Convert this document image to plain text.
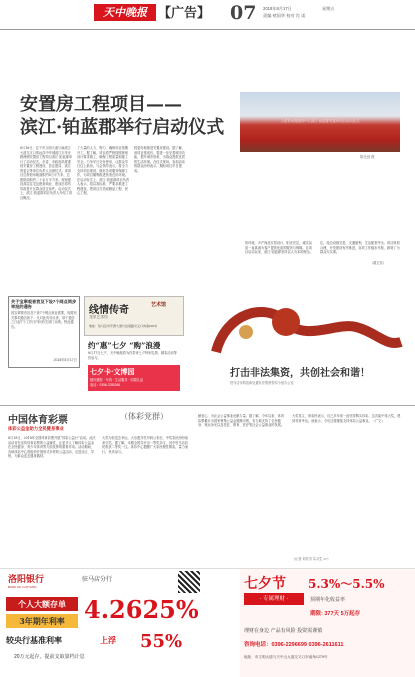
天中晚报 【广告】	07	2018年8月17日	星期五
责编 褚国华 校对 肖 诺
安置房工程项目——
滨江·铂蓝郡举行启动仪式	上蔡县家庭服务中心滨江·铂蓝郡安置房项目启动仪式
陈光庭 摄
8月16日，位于市文明大道与南滨江大道交叉口的远洋中华城滨江丰华北路两侧安置房工程项目滨江·铂蓝郡举行了启动仪式。市委、市政府高度重视安置房工程建设，县住建局、滨江管委会等单位负责人出席仪式。该项目总规划用地面积约8万平方米，总建筑面积约二十余万平方米，规划建设高层住宅及配套商业，建成后将有效改善片区群众居住条件。启动仪式上，滨江·铂蓝郡项目负责人介绍了项目概况。
了大量的人力、物力，确保项目按期开工。据了解，项目将严格按照规划设计要求施工，确保工程质量和施工安全，力争早日交付使用，让群众早日住上新房。与会领导表示，将全力支持项目建设，做好各项服务保障工作，为项目顺利推进营造良好环境。在启动仪式上，滨江·铂蓝郡项目负责人表示，将以高标准、严要求推进工程建设，把项目打造成精品工程、民心工程。
将更好地推进安置房建设。据了解，该项目建成后，将进一步完善城市功能，提升城市形象，为群众提供宜居的生活环境。在仪式现场，参加活动的群众纷纷表示，期盼项目早日建成。
热环境，尹产尚品安居设计，阳光充足，诚实品质一直真诚为客户提供优质的服务与保障。自项目启动以来，滨江·铂蓝郡坚持以人为本的理念。
住，周边设施完善，交通便利，生活配套齐全。项目规划合理，开发建设有序推进，各项工作稳步开展，做到了为群众办实事。
（胡卫东）
关于宝翠观音宫及下设7个网点同步审批的通告
因宝翠观音宫及下设7个网点营业需要，现将有关事项通告如下：凡对此有异议者，请于通告之日起7个工作日内向有关部门反映。特此通告。
2018年8月17日
线情传奇
龙泉艺术馆
艺术馆
地址：驻马店市开源大道与汝南路交叉口向南100米
约“惠”七夕 “购”浪漫
8月17日七夕，天中晚报将为你带来七夕特别礼物，精彩活动等你参与。
七夕卡·文博园
婚庆摄影 · 写真 · 生活服务 · 结婚礼品
电话：0396-3780260
打击非法集资，共创社会和谐！
驻马店市防范和处置非法集资领导小组办公室
中国体育彩票	（体彩党群）
体彩公益金助力全民健身事业
8月19日，2018年全国体育彩票开展“体彩公益行”活动。此次活动旨在宣传体育彩票的公益属性，让更多人了解体彩公益金在全民健身、青少年体育等方面发挥的重要作用。活动期间，各地体彩中心将组织开展形式多样的公益活动，走进社区、学校，为群众送去健身器材。
大奖为你送去幸运。大乐透开奖号码公布后，中奖彩民纷纷前来兑奖。据了解，本期全国共开出一等奖多注，其中驻马店彩民收获二等奖一注。体彩中心提醒广大彩民理性购彩，量力而行，快乐参与。
献爱心，为社会公益事业贡献力量。据了解，今年以来，体育彩票累计为国家筹集公益金数额可观，有力地支持了全民健身、奥运争光以及扶贫、教育、医疗等社会公益事业的发展。
大奖得主，该彩民表示，自己多年来一直坚持购买体彩，这次能中得大奖，感到非常幸运。他表示，今后还将继续支持体彩公益事业。（广文）
（记者 刘芳芳 实习生 ××）
洛阳银行
BANK OF LUOYANG
驻马店分行
个人大额存单
3年期年利率 4.2625%
较央行基准利率	上浮	55%
20万元起存，提前支取靠档计息
七夕节
· 专属理财 ·
5.3%～5.5%
预期年化收益率
期限: 377天 5万起存
理财在身边 产品有风险 投资需谨慎
咨询电话：0396-2296699 0396-2611611
地址：市文明大道与天中山大道交叉口东南角1279号
